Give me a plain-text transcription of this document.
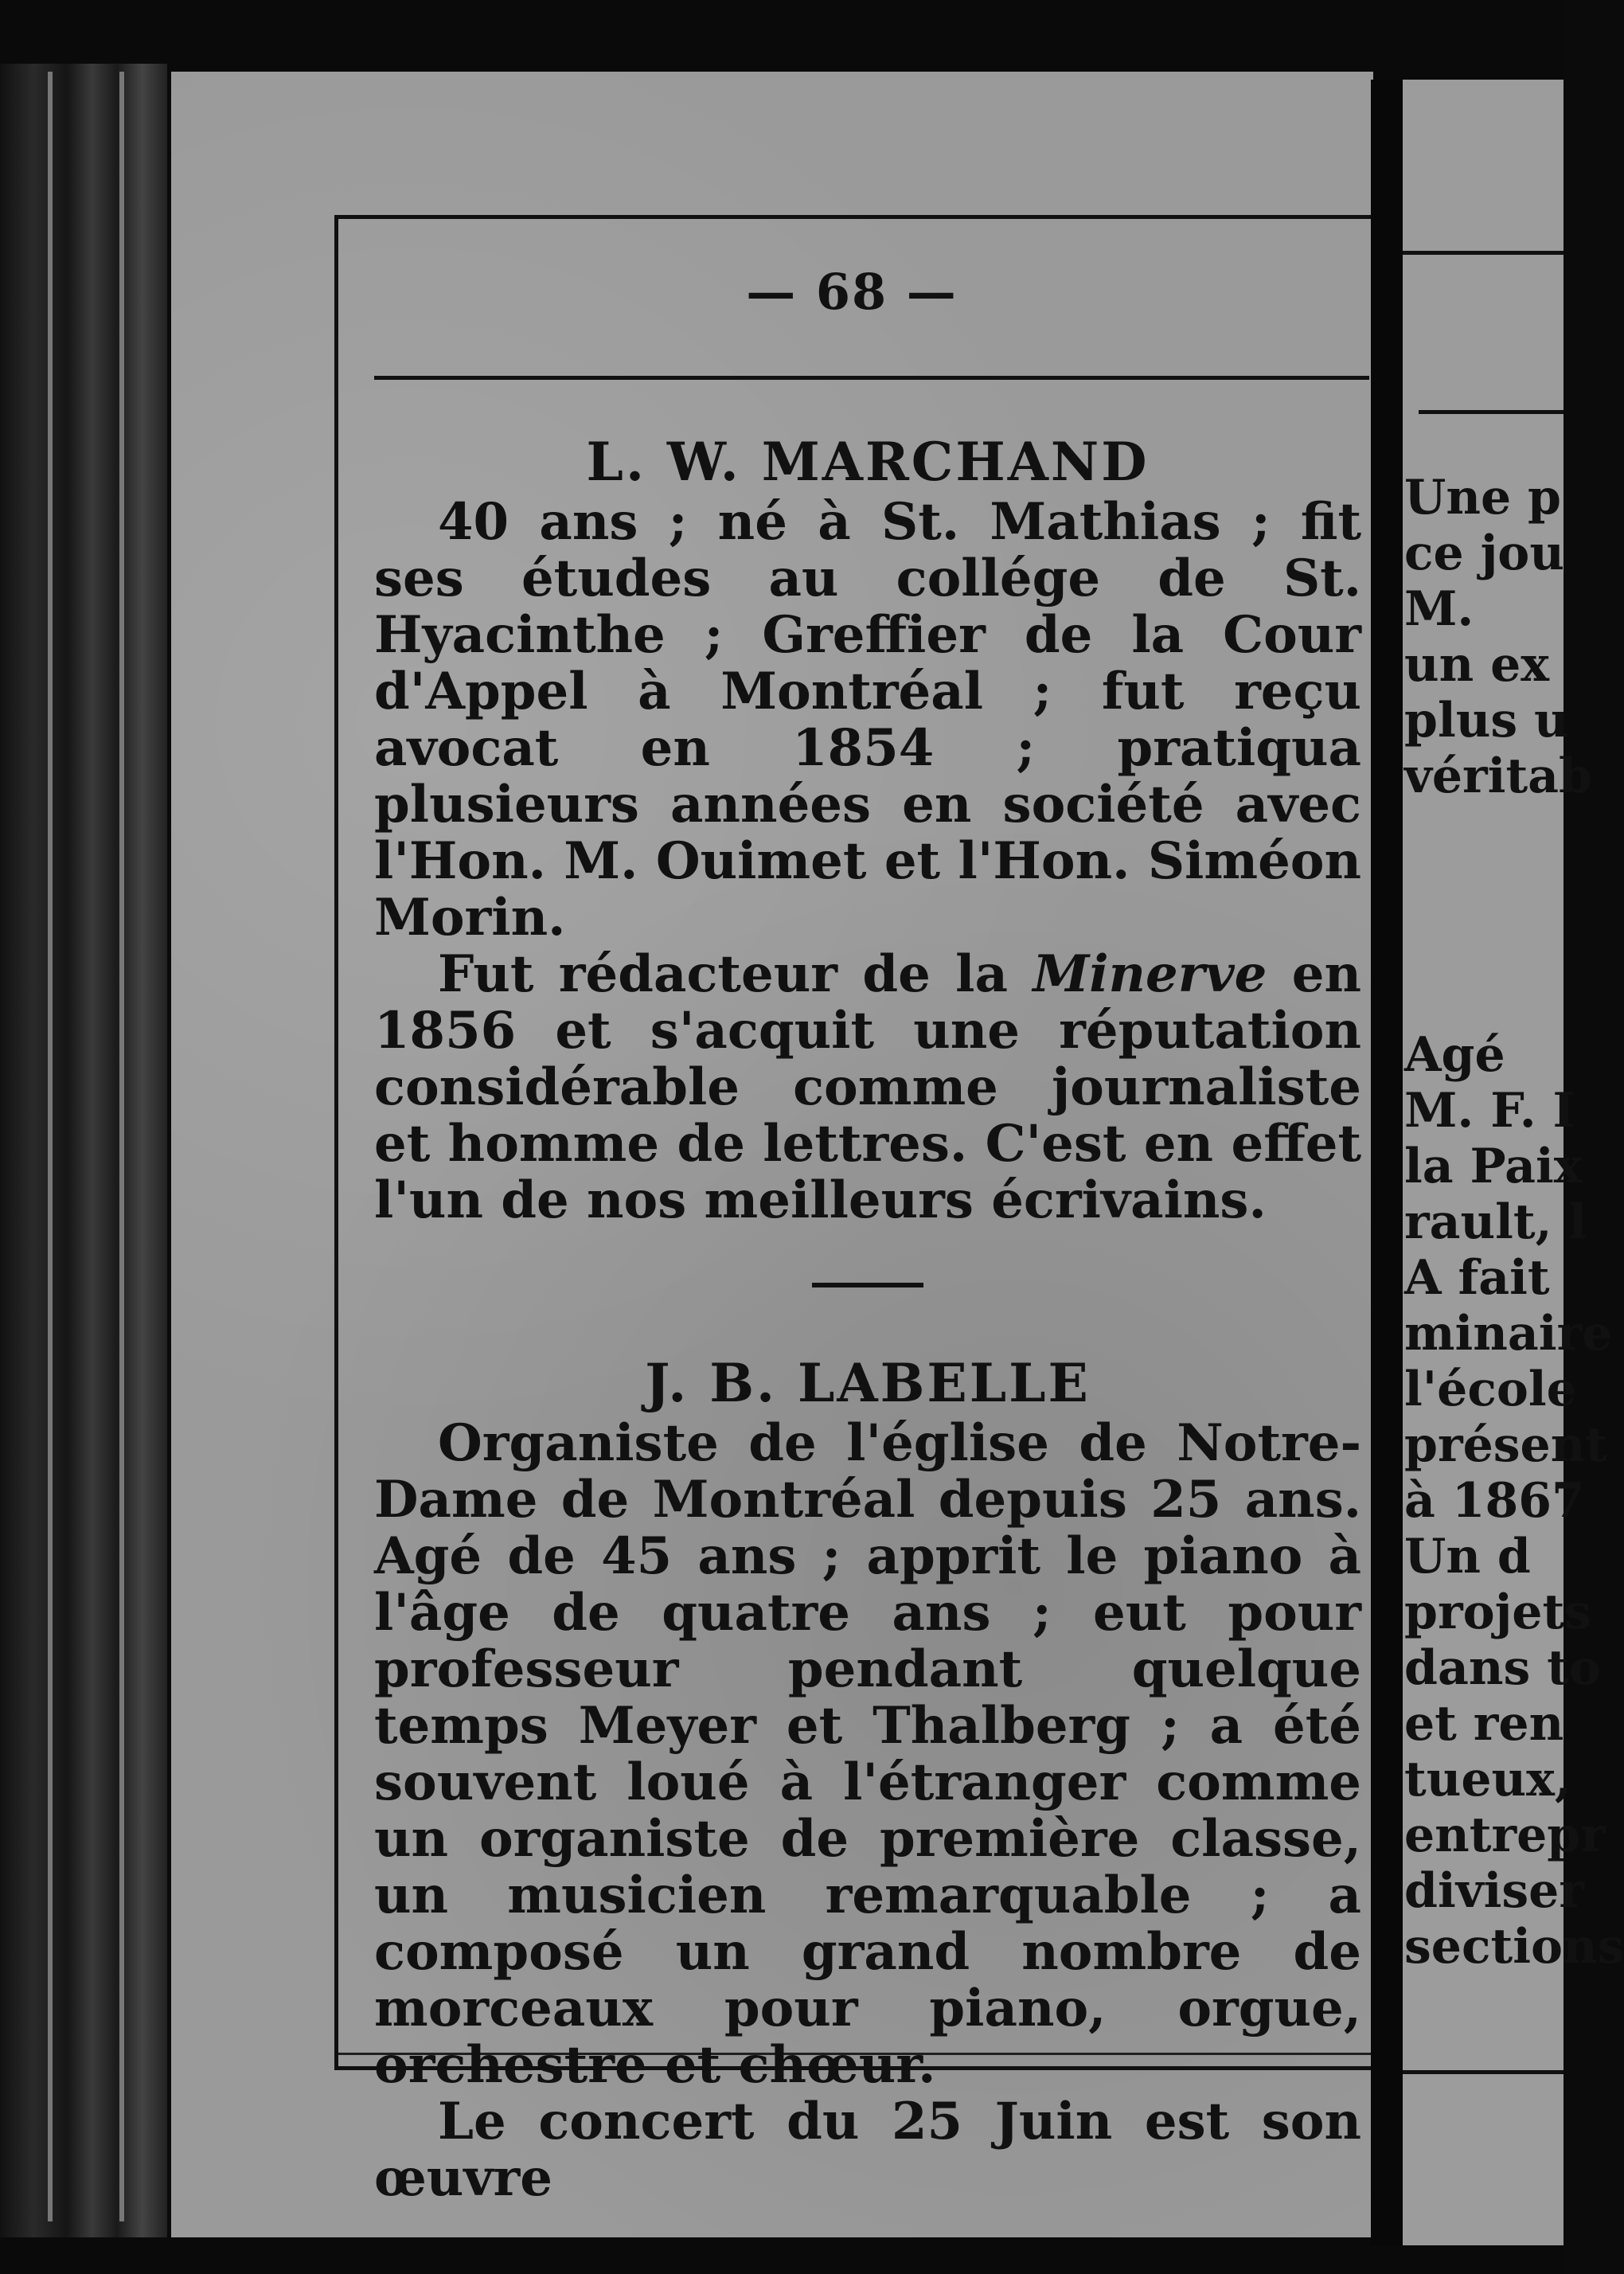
— 68 —
L. W. MARCHAND

40 ans ; né à St. Mathias ; fit ses études au collége de St. Hyacinthe ; Greffier de la Cour d'Appel à Montréal ; fut reçu avocat en 1854 ; pratiqua plusieurs années en société avec l'Hon. M. Ouimet et l'Hon. Siméon Morin.

Fut rédacteur de la Minerve en 1856 et s'acquit une réputation considérable comme journaliste et homme de lettres. C'est en effet l'un de nos meilleurs écrivains.

J. B. LABELLE

Organiste de l'église de Notre-Dame de Montréal depuis 25 ans. Agé de 45 ans ; apprit le piano à l'âge de quatre ans ; eut pour professeur pendant quelque temps Meyer et Thalberg ; a été souvent loué à l'étranger comme un organiste de première classe, un musicien remarquable ; a composé un grand nombre de morceaux pour piano, orgue, orchestre et chœur.

Le concert du 25 Juin est son œuvre

Une p
ce jou
M.
un ex
plus u
véritab
Agé
M. F. I
la Paix
rault, l
A fait
minaire
l'école
présent
à 1867
Un d
projets
dans to
et ren
tueux,
entrepr
diviser
sections
